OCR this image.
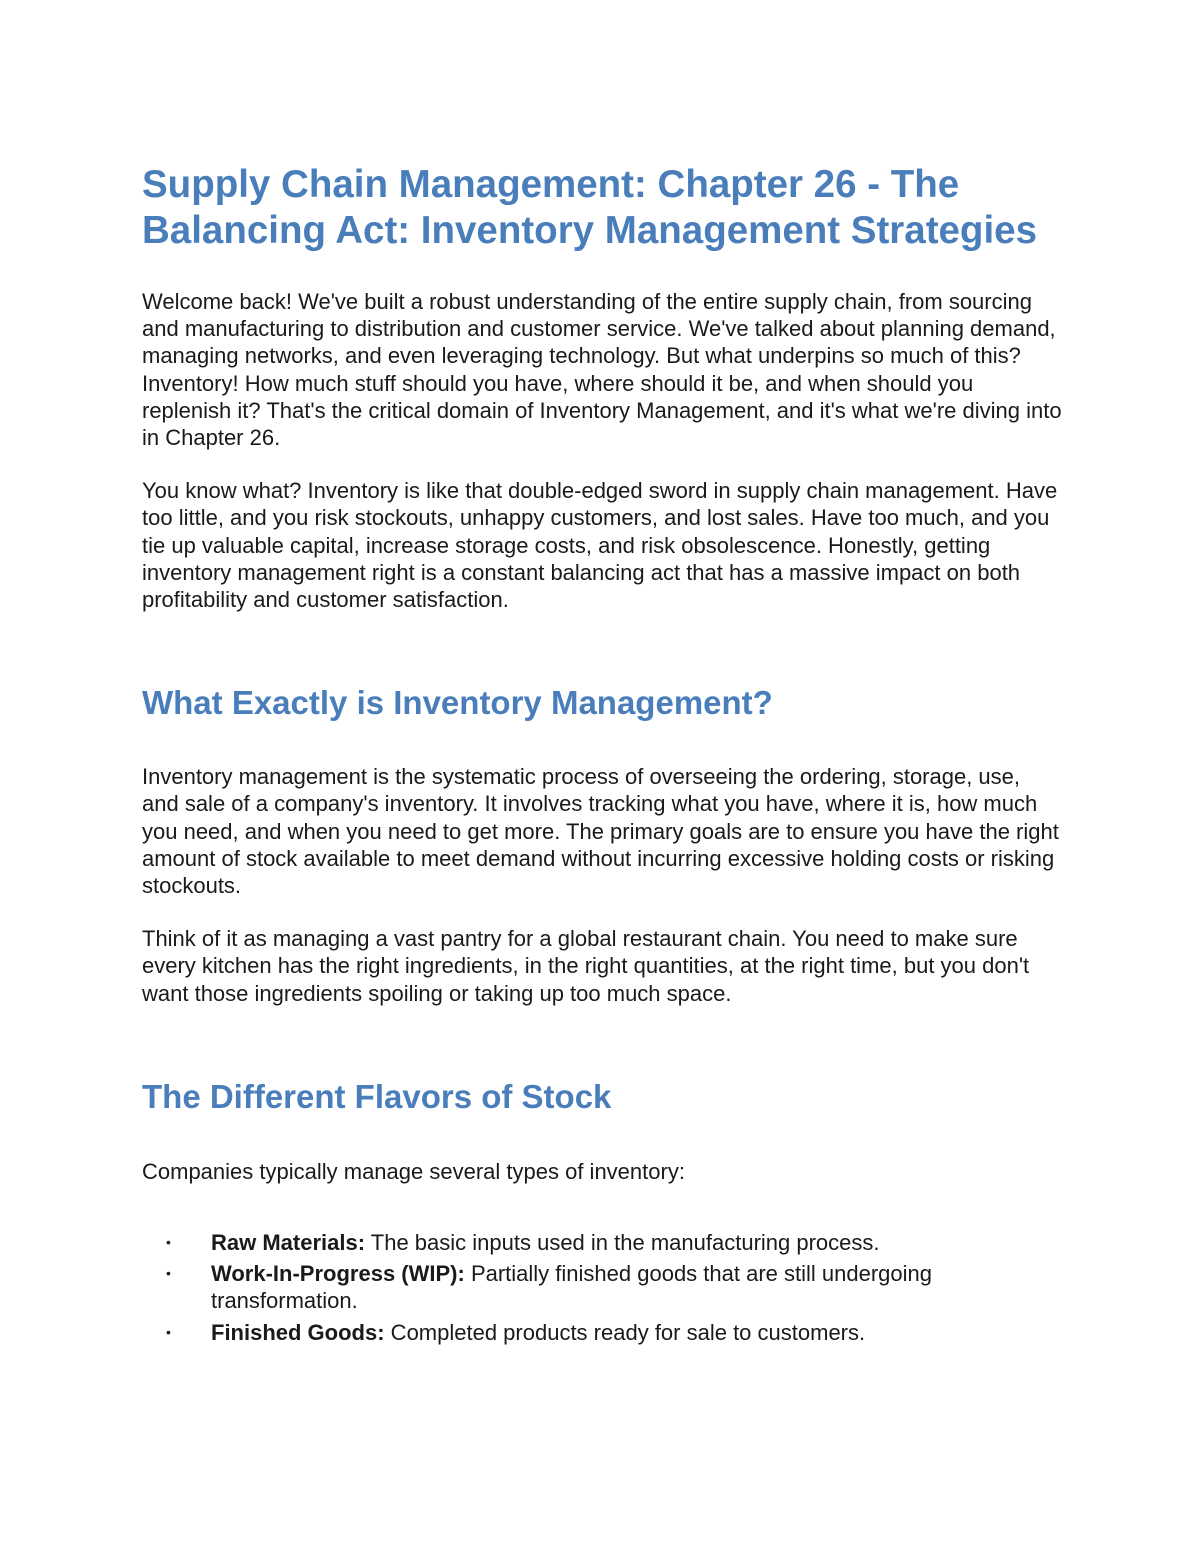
Supply Chain Management: Chapter 26 - The Balancing Act: Inventory Management Strategies

Welcome back! We've built a robust understanding of the entire supply chain, from sourcing and manufacturing to distribution and customer service. We've talked about planning demand, managing networks, and even leveraging technology. But what underpins so much of this? Inventory! How much stuff should you have, where should it be, and when should you replenish it? That's the critical domain of Inventory Management, and it's what we're diving into in Chapter 26.

You know what? Inventory is like that double-edged sword in supply chain management. Have too little, and you risk stockouts, unhappy customers, and lost sales. Have too much, and you tie up valuable capital, increase storage costs, and risk obsolescence. Honestly, getting inventory management right is a constant balancing act that has a massive impact on both profitability and customer satisfaction.

What Exactly is Inventory Management?

Inventory management is the systematic process of overseeing the ordering, storage, use, and sale of a company's inventory. It involves tracking what you have, where it is, how much you need, and when you need to get more. The primary goals are to ensure you have the right amount of stock available to meet demand without incurring excessive holding costs or risking stockouts.

Think of it as managing a vast pantry for a global restaurant chain. You need to make sure every kitchen has the right ingredients, in the right quantities, at the right time, but you don't want those ingredients spoiling or taking up too much space.

The Different Flavors of Stock

Companies typically manage several types of inventory:

• Raw Materials: The basic inputs used in the manufacturing process.
• Work-In-Progress (WIP): Partially finished goods that are still undergoing transformation.
• Finished Goods: Completed products ready for sale to customers.
